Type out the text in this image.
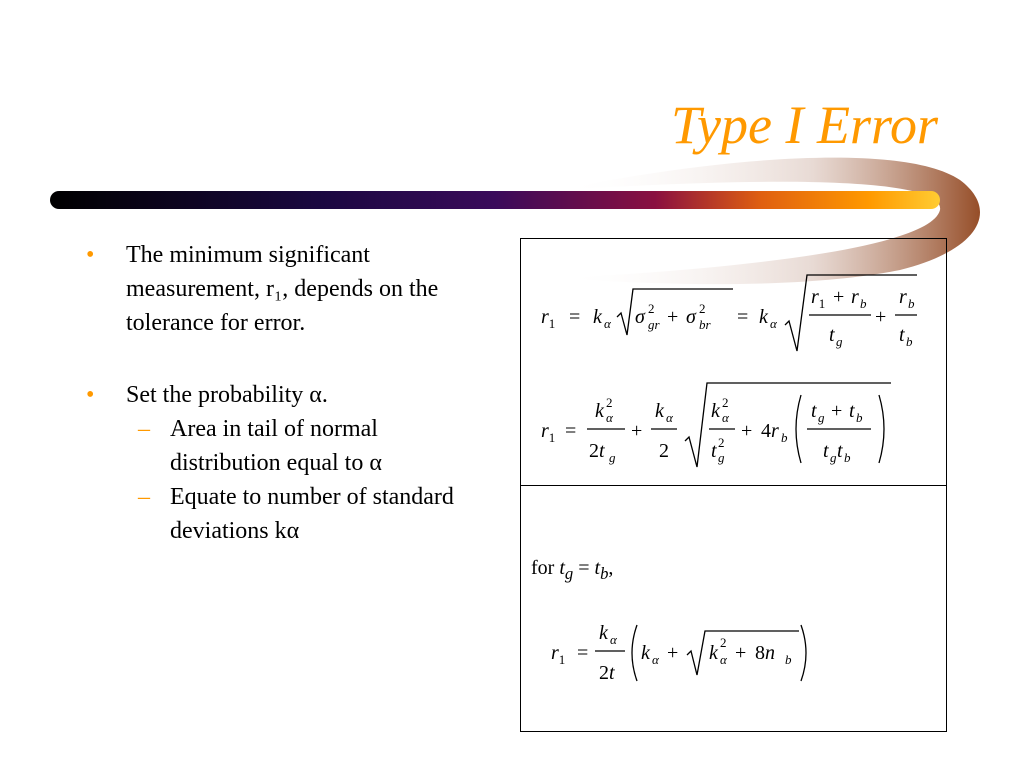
Type I Error

• The minimum significant measurement, r₁, depends on the tolerance for error.

• Set the probability α.

– Area in tail of normal distribution equal to α

– Equate to number of standard deviations kα

$r_1 = k$ α σ 2
gr + σ 2
br = k α
$r_1 + r$ b
t g
+
r b
t b
$r_1$ =
k α
2
2t g
+
k α
2
k α
2
t g
2
+ 4r b
t g + t b
t g t b
$r_1$ =
k α
2t
k α + k α
2 + 8n b
for $t_g = t_b$,
